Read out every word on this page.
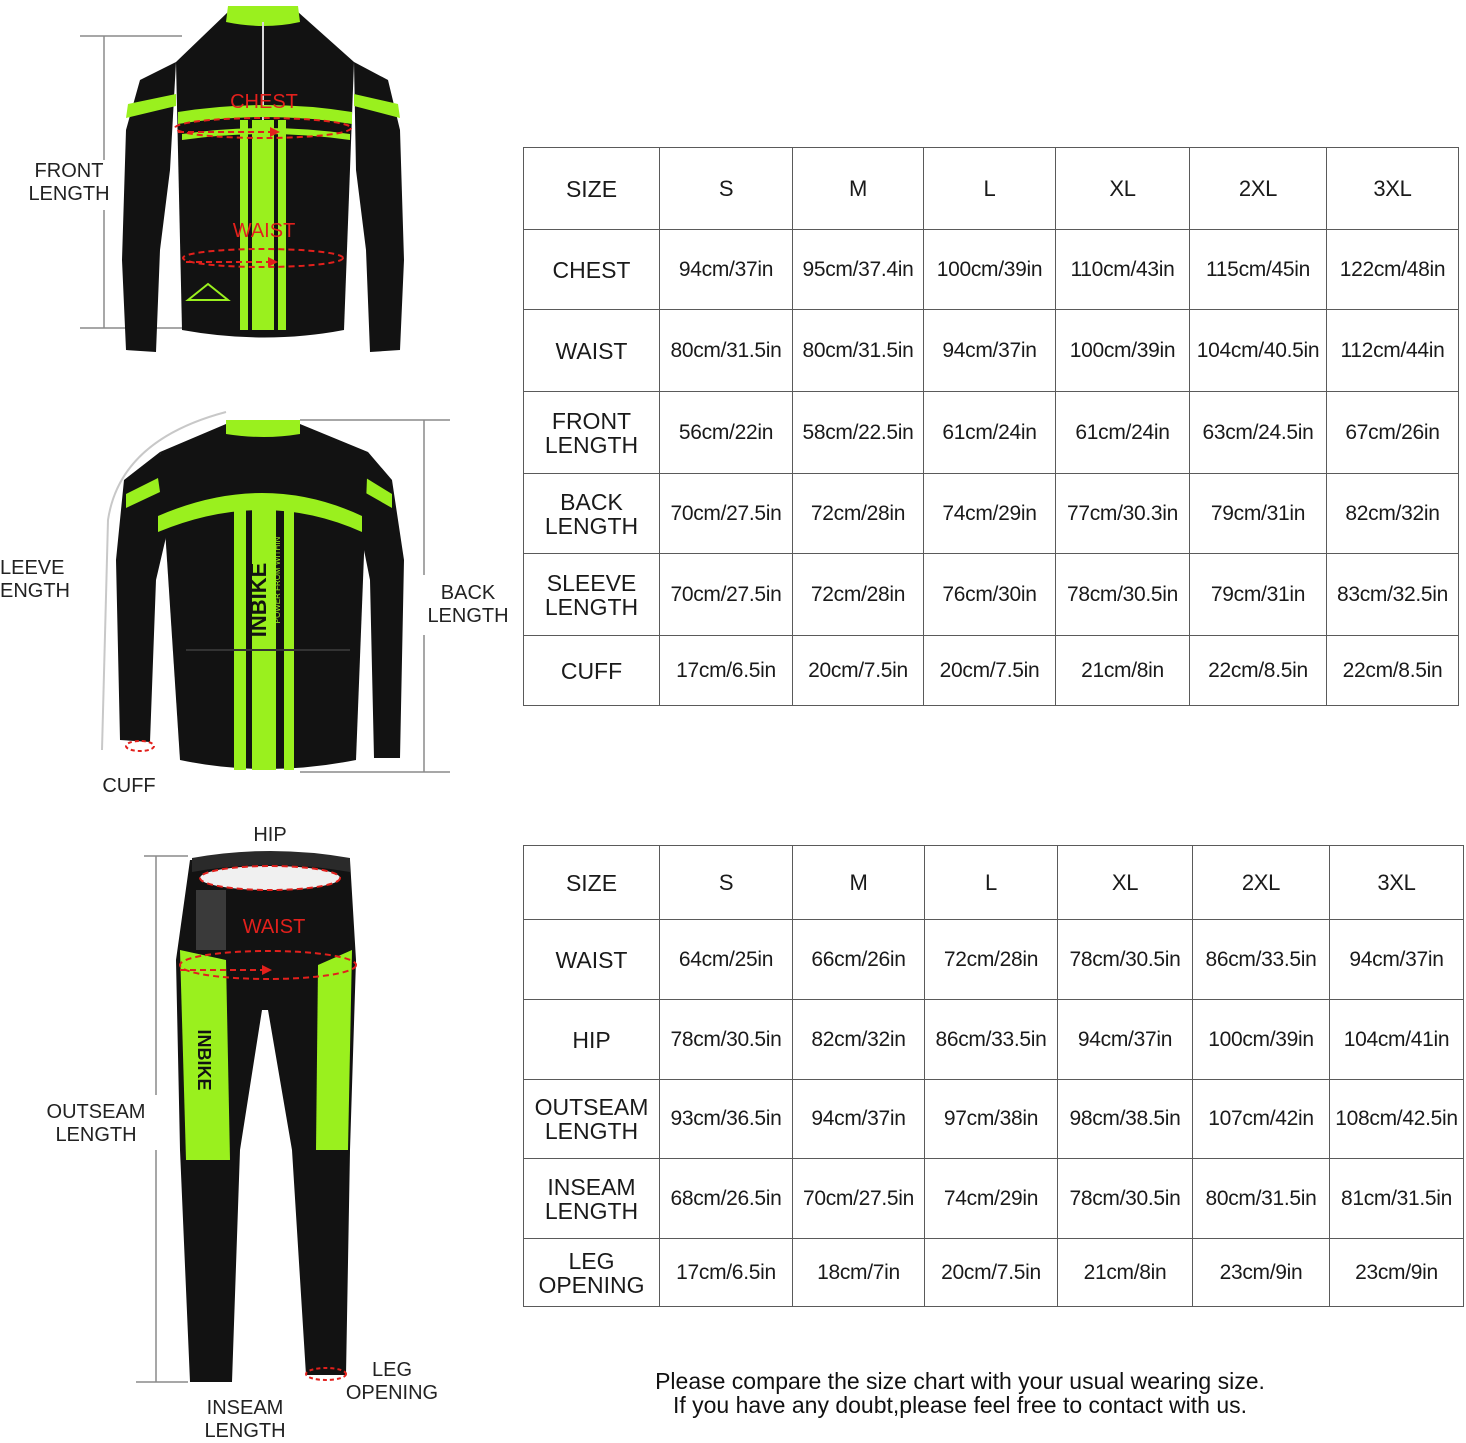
INBIKE POWER FROM WITHIN
INBIKE
CHEST
WAIST
FRONT
LENGTH
LEEVE
ENGTH	BACK
LENGTH
CUFF
HIP
WAIST
OUTSEAM
LENGTH
INSEAM
LENGTH
LEG
OPENING
SIZE	S	M	L	XL	2XL	3XL
CHEST	94cm/37in	95cm/37.4in	100cm/39in	110cm/43in	115cm/45in	122cm/48in
WAIST	80cm/31.5in	80cm/31.5in	94cm/37in	100cm/39in	104cm/40.5in	112cm/44in
FRONT LENGTH	56cm/22in	58cm/22.5in	61cm/24in	61cm/24in	63cm/24.5in	67cm/26in
BACK LENGTH	70cm/27.5in	72cm/28in	74cm/29in	77cm/30.3in	79cm/31in	82cm/32in
SLEEVE LENGTH	70cm/27.5in	72cm/28in	76cm/30in	78cm/30.5in	79cm/31in	83cm/32.5in
CUFF	17cm/6.5in	20cm/7.5in	20cm/7.5in	21cm/8in	22cm/8.5in	22cm/8.5in
SIZE	S	M	L	XL	2XL	3XL
WAIST	64cm/25in	66cm/26in	72cm/28in	78cm/30.5in	86cm/33.5in	94cm/37in
HIP	78cm/30.5in	82cm/32in	86cm/33.5in	94cm/37in	100cm/39in	104cm/41in
OUTSEAM LENGTH	93cm/36.5in	94cm/37in	97cm/38in	98cm/38.5in	107cm/42in	108cm/42.5in
INSEAM LENGTH	68cm/26.5in	70cm/27.5in	74cm/29in	78cm/30.5in	80cm/31.5in	81cm/31.5in
LEG OPENING	17cm/6.5in	18cm/7in	20cm/7.5in	21cm/8in	23cm/9in	23cm/9in
Please compare the size chart with your usual wearing size.
If you have any doubt,please feel free to contact with us.
